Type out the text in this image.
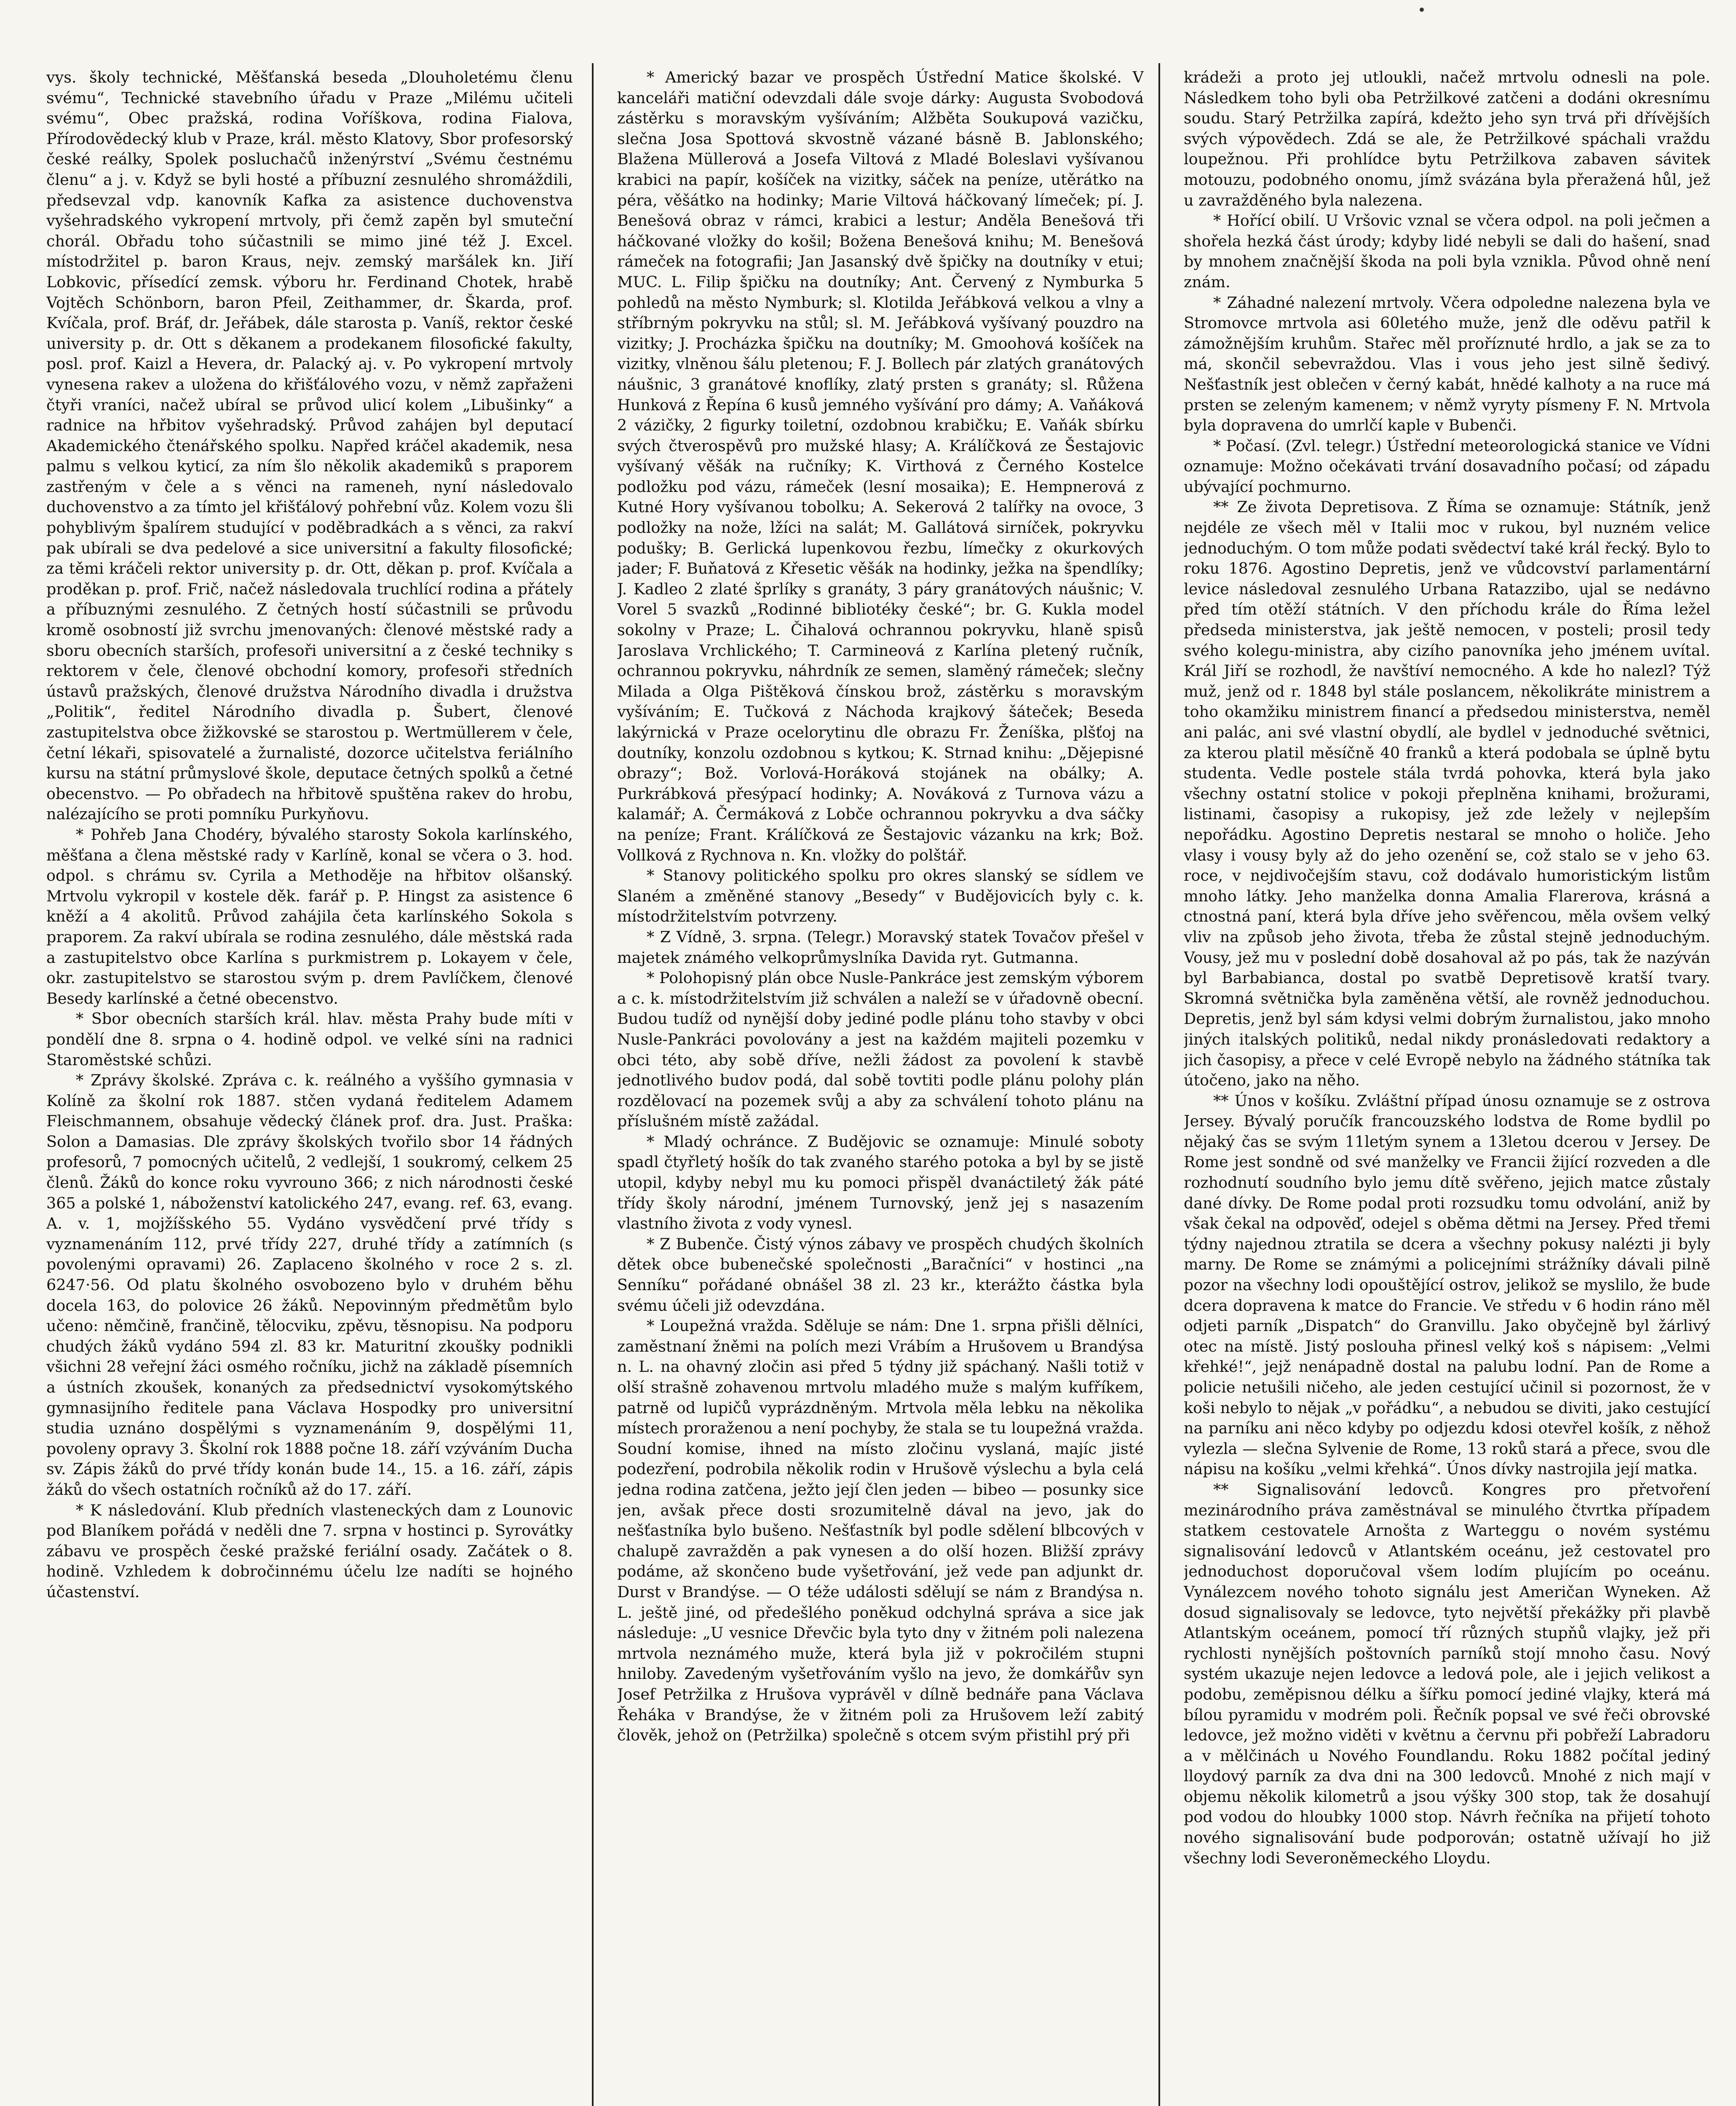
vys. školy technické, Měšťanská beseda „Dlouholetému členu svému“, Technické stavebního úřadu v Praze „Milému učiteli svému“, Obec pražská, rodina Voříškova, rodina Fialova, Přírodovědecký klub v Praze, král. město Klatovy, Sbor profesorský české reálky, Spolek posluchačů inženýrství „Svému čestnému členu“ a j. v. Když se byli hosté a příbuzní zesnulého shromáždili, předsevzal vdp. kanovník Kafka za asistence duchovenstva vyšehradského vykropení mrtvoly, při čemž zapěn byl smuteční chorál. Obřadu toho súčastnili se mimo jiné též J. Excel. místodržitel p. baron Kraus, nejv. zemský maršálek kn. Jiří Lobkovic, přísedící zemsk. výboru hr. Ferdinand Chotek, hrabě Vojtěch Schönborn, baron Pfeil, Zeithammer, dr. Škarda, prof. Kvíčala, prof. Bráf, dr. Jeřábek, dále starosta p. Vaníš, rektor české university p. dr. Ott s děkanem a prodekanem filosofické fakulty, posl. prof. Kaizl a Hevera, dr. Palacký aj. v. Po vykropení mrtvoly vynesena rakev a uložena do křišťálového vozu, v němž zapřaženi čtyři vraníci, načež ubíral se průvod ulicí kolem „Libušinky“ a radnice na hřbitov vyšehradský. Průvod zahájen byl deputací Akademického čtenářského spolku. Napřed kráčel akademik, nesa palmu s velkou kyticí, za ním šlo několik akademiků s praporem zastřeným v čele a s věnci na rameneh, nyní následovalo duchovenstvo a za tímto jel křišťálový pohřební vůz. Kolem vozu šli pohyblivým špalírem studující v poděbradkách a s věnci, za rakví pak ubírali se dva pedelové a sice universitní a fakulty filosofické; za těmi kráčeli rektor university p. dr. Ott, děkan p. prof. Kvíčala a proděkan p. prof. Frič, načež následovala truchlící rodina a přátely a příbuznými zesnulého. Z četných hostí súčastnili se průvodu kromě osobností již svrchu jmenovaných: členové městské rady a sboru obecních starších, profesoři universitní a z české techniky s rektorem v čele, členové obchodní komory, profesoři středních ústavů pražských, členové družstva Národního divadla i družstva „Politik“, ředitel Národního divadla p. Šubert, členové zastupitelstva obce žižkovské se starostou p. Wertmüllerem v čele, četní lékaři, spisovatelé a žurnalisté, dozorce učitelstva feriálního kursu na státní průmyslové škole, deputace četných spolků a četné obecenstvo. — Po obřadech na hřbitově spuštěna rakev do hrobu, nalézajícího se proti pomníku Purkyňovu.

* Pohřeb Jana Chodéry, bývalého starosty Sokola karlínského, měšťana a člena městské rady v Karlíně, konal se včera o 3. hod. odpol. s chrámu sv. Cyrila a Methoděje na hřbitov olšanský. Mrtvolu vykropil v kostele děk. farář p. P. Hingst za asistence 6 kněží a 4 akolitů. Průvod zahájila četa karlínského Sokola s praporem. Za rakví ubírala se rodina zesnulého, dále městská rada a zastupitelstvo obce Karlína s purkmistrem p. Lokayem v čele, okr. zastupitelstvo se starostou svým p. drem Pavlíčkem, členové Besedy karlínské a četné obecenstvo.

* Sbor obecních starších král. hlav. města Prahy bude míti v pondělí dne 8. srpna o 4. hodině odpol. ve velké síni na radnici Staroměstské schůzi.

* Zprávy školské. Zpráva c. k. reálného a vyššího gymnasia v Kolíně za školní rok 1887. stčen vydaná ředitelem Adamem Fleischmannem, obsahuje vědecký článek prof. dra. Just. Praška: Solon a Damasias. Dle zprávy školských tvořilo sbor 14 řádných profesorů, 7 pomocných učitelů, 2 vedlejší, 1 soukromý, celkem 25 členů. Žáků do konce roku vyvrouno 366; z nich národnosti české 365 a polské 1, náboženství katolického 247, evang. ref. 63, evang. A. v. 1, mojžíšského 55. Vydáno vysvědčení prvé třídy s vyznamenáním 112, prvé třídy 227, druhé třídy a zatímních (s povolenými opravami) 26. Zaplaceno školného v roce 2 s. zl. 6247·56. Od platu školného osvobozeno bylo v druhém běhu docela 163, do polovice 26 žáků. Nepovinným předmětům bylo učeno: němčině, frančině, tělocviku, zpěvu, těsnopisu. Na podporu chudých žáků vydáno 594 zl. 83 kr. Maturitní zkoušky podnikli všichni 28 veřejní žáci osmého ročníku, jichž na základě písemních a ústních zkoušek, konaných za předsednictví vysokomýtského gymnasijního ředitele pana Václava Hospodky pro universitní studia uznáno dospělými s vyznamenáním 9, dospělými 11, povoleny opravy 3. Školní rok 1888 počne 18. září vzýváním Ducha sv. Zápis žáků do prvé třídy konán bude 14., 15. a 16. září, zápis žáků do všech ostatních ročníků až do 17. září.

* K následování. Klub předních vlasteneckých dam z Lounovic pod Blaníkem pořádá v neděli dne 7. srpna v hostinci p. Syrovátky zábavu ve prospěch české pražské feriální osady. Začátek o 8. hodině. Vzhledem k dobročinnému účelu lze nadíti se hojného účastenství.

* Americký bazar ve prospěch Ústřední Matice školské. V kanceláři matiční odevzdali dále svoje dárky: Augusta Svobodová zástěrku s moravským vyšíváním; Alžběta Soukupová vazičku, slečna Josa Spottová skvostně vázané básně B. Jablonského; Blažena Müllerová a Josefa Viltová z Mladé Boleslavi vyšívanou krabici na papír, košíček na vizitky, sáček na peníze, utěrátko na péra, věšátko na hodinky; Marie Viltová háčkovaný límeček; pí. J. Benešová obraz v rámci, krabici a lestur; Anděla Benešová tři háčkované vložky do košil; Božena Benešová knihu; M. Benešová rámeček na fotografii; Jan Jasanský dvě špičky na doutníky v etui; MUC. L. Filip špičku na doutníky; Ant. Červený z Nymburka 5 pohledů na město Nymburk; sl. Klotilda Jeřábková velkou a vlny a stříbrným pokryvku na stůl; sl. M. Jeřábková vyšívaný pouzdro na vizitky; J. Procházka špičku na doutníky; M. Gmoohová košíček na vizitky, vlněnou šálu pletenou; F. J. Bollech pár zlatých granátových náušnic, 3 granátové knoflíky, zlatý prsten s granáty; sl. Růžena Hunková z Řepína 6 kusů jemného vyšívání pro dámy; A. Vaňáková 2 vázičky, 2 figurky toiletní, ozdobnou krabičku; E. Vaňák sbírku svých čtverospěvů pro mužské hlasy; A. Králíčková ze Šestajovic vyšívaný věšák na ručníky; K. Virthová z Černého Kostelce podložku pod vázu, rámeček (lesní mosaika); E. Hempnerová z Kutné Hory vyšívanou tobolku; A. Sekerová 2 talířky na ovoce, 3 podložky na nože, lžíci na salát; M. Gallátová sirníček, pokryvku podušky; B. Gerlická lupenkovou řezbu, límečky z okurkových jader; F. Buňatová z Křesetic věšák na hodinky, ježka na špendlíky; J. Kadleo 2 zlaté šprlíky s granáty, 3 páry granátových náušnic; V. Vorel 5 svazků „Rodinné bibliotéky české“; br. G. Kukla model sokolny v Praze; L. Čihalová ochrannou pokryvku, hlaně spisů Jaroslava Vrchlického; T. Carmineová z Karlína pletený ručník, ochrannou pokryvku, náhrdník ze semen, slaměný rámeček; slečny Milada a Olga Pištěková čínskou brož, zástěrku s moravským vyšíváním; E. Tučková z Náchoda krajkový šáteček; Beseda lakýrnická v Praze ocelorytinu dle obrazu Fr. Ženíška, plšťoj na doutníky, konzolu ozdobnou s kytkou; K. Strnad knihu: „Dějepisné obrazy“; Bož. Vorlová-Horáková stojánek na obálky; A. Purkrábková přesýpací hodinky; A. Nováková z Turnova vázu a kalamář; A. Čermáková z Lobče ochrannou pokryvku a dva sáčky na peníze; Frant. Králíčková ze Šestajovic vázanku na krk; Bož. Vollková z Rychnova n. Kn. vložky do polštář.

* Stanovy politického spolku pro okres slanský se sídlem ve Slaném a změněné stanovy „Besedy“ v Budějovicích byly c. k. místodržitelstvím potvrzeny.

* Z Vídně, 3. srpna. (Telegr.) Moravský statek Tovačov přešel v majetek známého velkoprůmyslníka Davida ryt. Gutmanna.

* Polohopisný plán obce Nusle-Pankráce jest zemským výborem a c. k. místodržitelstvím již schválen a naleží se v úřadovně obecní. Budou tudíž od nynější doby jediné podle plánu toho stavby v obci Nusle-Pankráci povolovány a jest na každém majiteli pozemku v obci této, aby sobě dříve, nežli žádost za povolení k stavbě jednotlivého budov podá, dal sobě tovtiti podle plánu polohy plán rozdělovací na pozemek svůj a aby za schválení tohoto plánu na příslušném místě zažádal.

* Mladý ochránce. Z Budějovic se oznamuje: Minulé soboty spadl čtyřletý hošík do tak zvaného starého potoka a byl by se jistě utopil, kdyby nebyl mu ku pomoci přispěl dvanáctiletý žák páté třídy školy národní, jménem Turnovský, jenž jej s nasazením vlastního života z vody vynesl.

* Z Bubenče. Čistý výnos zábavy ve prospěch chudých školních dětek obce bubenečské společnosti „Baračníci“ v hostinci „na Senníku“ pořádané obnášel 38 zl. 23 kr., kterážto částka byla svému účeli již odevzdána.

* Loupežná vražda. Sděluje se nám: Dne 1. srpna přišli dělníci, zaměstnaní žněmi na polích mezi Vrábím a Hrušovem u Brandýsa n. L. na ohavný zločin asi před 5 týdny již spáchaný. Našli totiž v olší strašně zohavenou mrtvolu mladého muže s malým kufříkem, patrně od lupičů vyprázdněným. Mrtvola měla lebku na několika místech proraženou a není pochyby, že stala se tu loupežná vražda. Soudní komise, ihned na místo zločinu vyslaná, majíc jisté podezření, podrobila několik rodin v Hrušově výslechu a byla celá jedna rodina zatčena, ježto její člen jeden — bibeo — posunky sice jen, avšak přece dosti srozumitelně dával na jevo, jak do nešťastníka bylo bušeno. Nešťastník byl podle sdělení blbcových v chalupě zavražděn a pak vynesen a do olší hozen. Bližší zprávy podáme, až skončeno bude vyšetřování, jež vede pan adjunkt dr. Durst v Brandýse. — O téže události sdělují se nám z Brandýsa n. L. ještě jiné, od předešlého poněkud odchylná správa a sice jak následuje: „U vesnice Dřevčic byla tyto dny v žitném poli nalezena mrtvola neznámého muže, která byla již v pokročilém stupni hniloby. Zavedeným vyšetřováním vyšlo na jevo, že domkářův syn Josef Petržilka z Hrušova vyprávěl v dílně bednáře pana Václava Řeháka v Brandýse, že v žitném poli za Hrušovem leží zabitý člověk, jehož on (Petržilka) společně s otcem svým přistihl prý při

krádeži a proto jej utloukli, načež mrtvolu odnesli na pole. Následkem toho byli oba Petržilkové zatčeni a dodáni okresnímu soudu. Starý Petržilka zapírá, kdežto jeho syn trvá při dřívějších svých výpovědech. Zdá se ale, že Petržilkové spáchali vraždu loupežnou. Při prohlídce bytu Petržilkova zabaven sávitek motouzu, podobného onomu, jímž svázána byla přeražená hůl, jež u zavražděného byla nalezena.

* Hořící obilí. U Vršovic vznal se včera odpol. na poli ječmen a shořela hezká část úrody; kdyby lidé nebyli se dali do hašení, snad by mnohem značnější škoda na poli byla vznikla. Původ ohně není znám.

* Záhadné nalezení mrtvoly. Včera odpoledne nalezena byla ve Stromovce mrtvola asi 60letého muže, jenž dle oděvu patřil k zámožnějším kruhům. Stařec měl proříznuté hrdlo, a jak se za to má, skončil sebevraždou. Vlas i vous jeho jest silně šedivý. Nešťastník jest oblečen v černý kabát, hnědé kalhoty a na ruce má prsten se zeleným kamenem; v němž vyryty písmeny F. N. Mrtvola byla dopravena do umrlčí kaple v Bubenči.

* Počasí. (Zvl. telegr.) Ústřední meteorologická stanice ve Vídni oznamuje: Možno očekávati trvání dosavadního počasí; od západu ubývající pochmurno.

** Ze života Depretisova. Z Říma se oznamuje: Státník, jenž nejdéle ze všech měl v Italii moc v rukou, byl nuzném velice jednoduchým. O tom může podati svědectví také král řecký. Bylo to roku 1876. Agostino Depretis, jenž ve vůdcovství parlamentární levice následoval zesnulého Urbana Ratazzibo, ujal se nedávno před tím otěží státních. V den příchodu krále do Říma ležel předseda ministerstva, jak ještě nemocen, v posteli; prosil tedy svého kolegu-ministra, aby cizího panovníka jeho jménem uvítal. Král Jiří se rozhodl, že navštíví nemocného. A kde ho nalezl? Týž muž, jenž od r. 1848 byl stále poslancem, několikráte ministrem a toho okamžiku ministrem financí a předsedou ministerstva, neměl ani palác, ani své vlastní obydlí, ale bydlel v jednoduché světnici, za kterou platil měsíčně 40 franků a která podobala se úplně bytu studenta. Vedle postele stála tvrdá pohovka, která byla jako všechny ostatní stolice v pokoji přeplněna knihami, brožurami, listinami, časopisy a rukopisy, jež zde ležely v nejlepším nepořádku. Agostino Depretis nestaral se mnoho o holiče. Jeho vlasy i vousy byly až do jeho ozenění se, což stalo se v jeho 63. roce, v nejdivočejším stavu, což dodávalo humoristickým listům mnoho látky. Jeho manželka donna Amalia Flarerova, krásná a ctnostná paní, která byla dříve jeho svěřencou, měla ovšem velký vliv na způsob jeho života, třeba že zůstal stejně jednoduchým. Vousy, jež mu v poslední době dosahoval až po pás, tak že nazýván byl Barbabianca, dostal po svatbě Depretisově kratší tvary. Skromná světnička byla zaměněna větší, ale rovněž jednoduchou. Depretis, jenž byl sám kdysi velmi dobrým žurnalistou, jako mnoho jiných italských politiků, nedal nikdy pronásledovati redaktory a jich časopisy, a přece v celé Evropě nebylo na žádného státníka tak útočeno, jako na něho.

** Únos v košíku. Zvláštní případ únosu oznamuje se z ostrova Jersey. Bývalý poručík francouzského lodstva de Rome bydlil po nějaký čas se svým 11letým synem a 13letou dcerou v Jersey. De Rome jest sondně od své manželky ve Francii žijící rozveden a dle rozhodnutí soudního bylo jemu dítě svěřeno, jejich matce zůstaly dané dívky. De Rome podal proti rozsudku tomu odvolání, aniž by však čekal na odpověď, odejel s oběma dětmi na Jersey. Před třemi týdny najednou ztratila se dcera a všechny pokusy nalézti ji byly marny. De Rome se známými a policejními strážníky dávali pilně pozor na všechny lodi opouštějící ostrov, jelikož se myslilo, že bude dcera dopravena k matce do Francie. Ve středu v 6 hodin ráno měl odjeti parník „Dispatch“ do Granvillu. Jako obyčejně byl žárlivý otec na místě. Jistý poslouha přinesl velký koš s nápisem: „Velmi křehké!“, jejž nenápadně dostal na palubu lodní. Pan de Rome a policie netušili ničeho, ale jeden cestující učinil si pozornost, že v koši nebylo to nějak „v pořádku“, a nebudou se diviti, jako cestující na parníku ani něco kdyby po odjezdu kdosi otevřel košík, z něhož vylezla — slečna Sylvenie de Rome, 13 roků stará a přece, svou dle nápisu na košíku „velmi křehká“. Únos dívky nastrojila její matka.

** Signalisování ledovců. Kongres pro přetvoření mezinárodního práva zaměstnával se minulého čtvrtka případem statkem cestovatele Arnošta z Warteggu o novém systému signalisování ledovců v Atlantském oceánu, jež cestovatel pro jednoduchost doporučoval všem lodím plujícím po oceánu. Vynálezcem nového tohoto signálu jest Američan Wyneken. Až dosud signalisovaly se ledovce, tyto největší překážky při plavbě Atlantským oceánem, pomocí tří různých stupňů vlajky, jež při rychlosti nynějších poštovních parníků stojí mnoho času. Nový systém ukazuje nejen ledovce a ledová pole, ale i jejich velikost a podobu, zeměpisnou délku a šířku pomocí jediné vlajky, která má bílou pyramidu v modrém poli. Řečník popsal ve své řeči obrovské ledovce, jež možno viděti v květnu a červnu při pobřeží Labradoru a v mělčinách u Nového Foundlandu. Roku 1882 počítal jediný lloydový parník za dva dni na 300 ledovců. Mnohé z nich mají v objemu několik kilometrů a jsou výšky 300 stop, tak že dosahují pod vodou do hloubky 1000 stop. Návrh řečníka na přijetí tohoto nového signalisování bude podporován; ostatně užívají ho již všechny lodi Severoněmeckého Lloydu.
